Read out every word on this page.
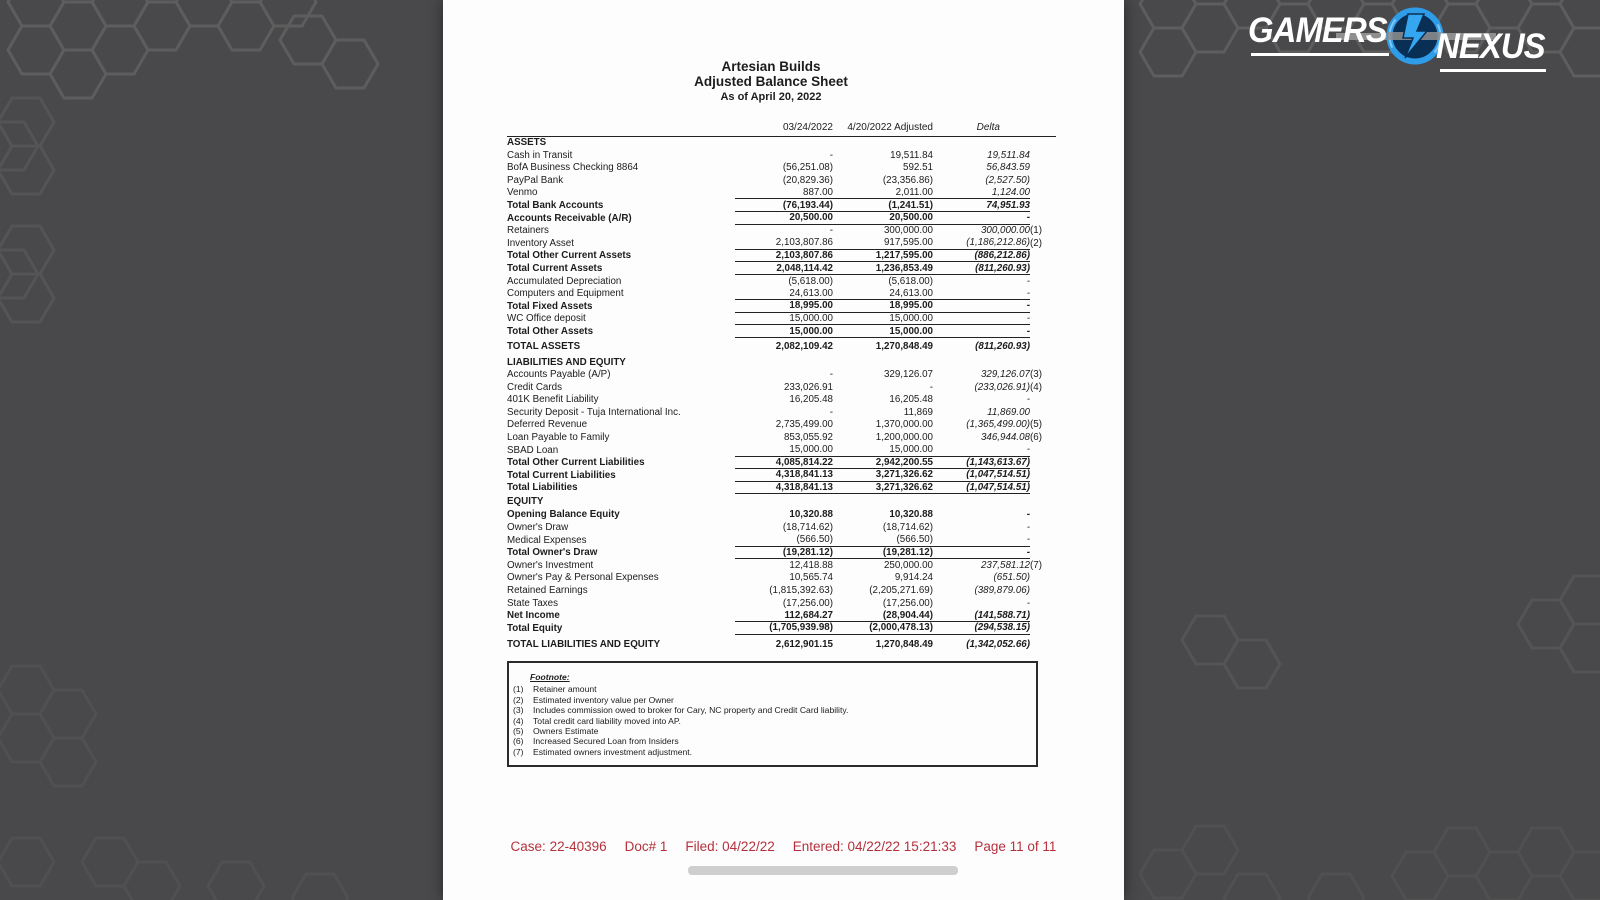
GAMERS NEXUS
Artesian Builds
Adjusted Balance Sheet
As of April 20, 2022
	03/24/2022	4/20/2022 Adjusted	Delta	
ASSETS				
Cash in Transit	-	19,511.84	19,511.84	
BofA Business Checking 8864	(56,251.08)	592.51	56,843.59	
PayPal Bank	(20,829.36)	(23,356.86)	(2,527.50)	
Venmo	887.00	2,011.00	1,124.00	
Total Bank Accounts	(76,193.44)	(1,241.51)	74,951.93	
Accounts Receivable (A/R)	20,500.00	20,500.00	-	
Retainers	-	300,000.00	300,000.00	(1)
Inventory Asset	2,103,807.86	917,595.00	(1,186,212.86)	(2)
Total Other Current Assets	2,103,807.86	1,217,595.00	(886,212.86)	
Total Current Assets	2,048,114.42	1,236,853.49	(811,260.93)	
Accumulated Depreciation	(5,618.00)	(5,618.00)	-	
Computers and Equipment	24,613.00	24,613.00	-	
Total Fixed Assets	18,995.00	18,995.00	-	
WC Office deposit	15,000.00	15,000.00	-	
Total Other Assets	15,000.00	15,000.00	-	
TOTAL ASSETS	2,082,109.42	1,270,848.49	(811,260.93)	
LIABILITIES AND EQUITY				
Accounts Payable (A/P)	-	329,126.07	329,126.07	(3)
Credit Cards	233,026.91	-	(233,026.91)	(4)
401K Benefit Liability	16,205.48	16,205.48	-	
Security Deposit - Tuja International Inc.	-	11,869	11,869.00	
Deferred Revenue	2,735,499.00	1,370,000.00	(1,365,499.00)	(5)
Loan Payable to Family	853,055.92	1,200,000.00	346,944.08	(6)
SBAD Loan	15,000.00	15,000.00	-	
Total Other Current Liabilities	4,085,814.22	2,942,200.55	(1,143,613.67)	
Total Current Liabilities	4,318,841.13	3,271,326.62	(1,047,514.51)	
Total Liabilities	4,318,841.13	3,271,326.62	(1,047,514.51)	
EQUITY				
Opening Balance Equity	10,320.88	10,320.88	-	
Owner's Draw	(18,714.62)	(18,714.62)	-	
Medical Expenses	(566.50)	(566.50)	-	
Total Owner's Draw	(19,281.12)	(19,281.12)	-	
Owner's Investment	12,418.88	250,000.00	237,581.12	(7)
Owner's Pay & Personal Expenses	10,565.74	9,914.24	(651.50)	
Retained Earnings	(1,815,392.63)	(2,205,271.69)	(389,879.06)	
State Taxes	(17,256.00)	(17,256.00)	-	
Net Income	112,684.27	(28,904.44)	(141,588.71)	
Total Equity	(1,705,939.98)	(2,000,478.13)	(294,538.15)	
TOTAL LIABILITIES AND EQUITY	2,612,901.15	1,270,848.49	(1,342,052.66)	
Footnote:
(1)	Retainer amount
(2)	Estimated inventory value per Owner
(3)	Includes commission owed to broker for Cary, NC property and Credit Card liability.
(4)	Total credit card liability moved into AP.
(5)	Owners Estimate
(6)	Increased Secured Loan from Insiders
(7)	Estimated owners investment adjustment.
Case: 22-40396 Doc# 1 Filed: 04/22/22 Entered: 04/22/22 15:21:33 Page 11 of 11
